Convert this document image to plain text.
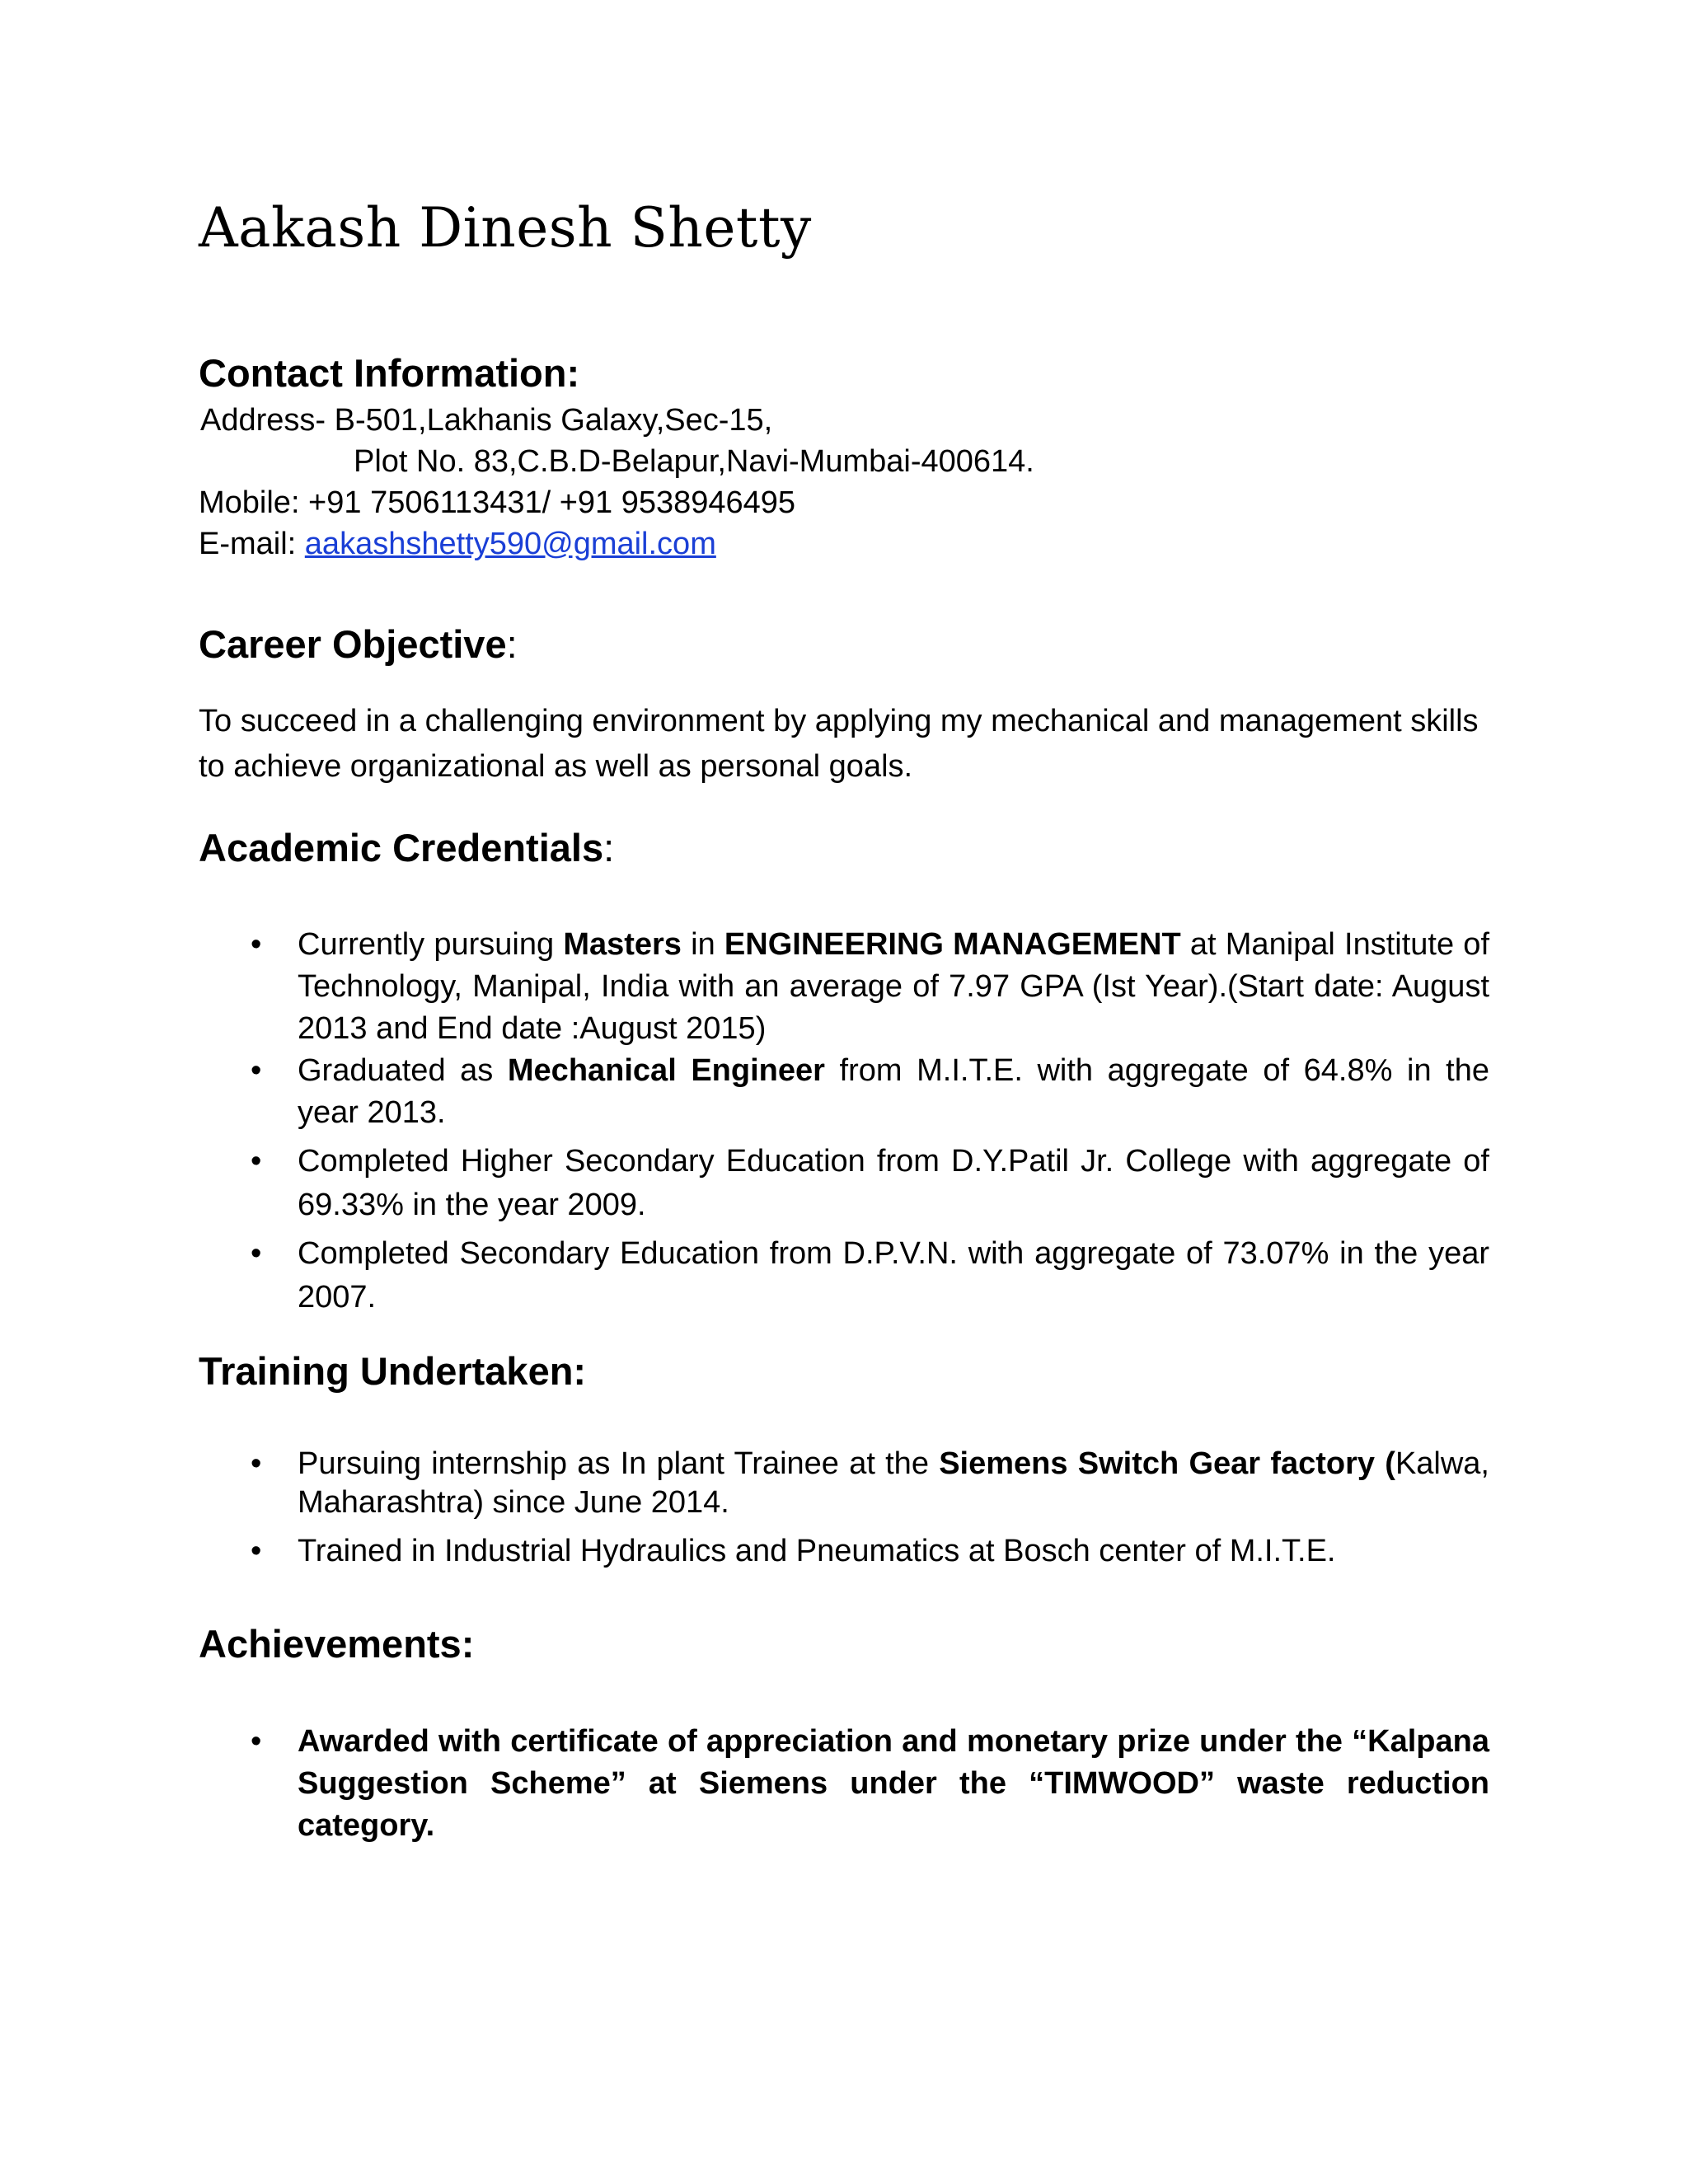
Aakash Dinesh Shetty
Contact Information:
Address- B-501,Lakhanis Galaxy,Sec-15,
Plot No. 83,C.B.D-Belapur,Navi-Mumbai-400614.
Mobile: +91 7506113431/ +91 9538946495
E-mail: aakashshetty590@gmail.com
Career Objective:
To succeed in a challenging environment by applying my mechanical and management skills to achieve organizational as well as personal goals.
Academic Credentials:
• Currently pursuing Masters in ENGINEERING MANAGEMENT at Manipal Institute of Technology, Manipal, India with an average of 7.97 GPA (Ist Year).(Start date: August 2013 and End date :August 2015)
• Graduated as Mechanical Engineer from M.I.T.E. with aggregate of 64.8% in the year 2013.
• Completed Higher Secondary Education from D.Y.Patil Jr. College with aggregate of 69.33% in the year 2009.
• Completed Secondary Education from D.P.V.N. with aggregate of 73.07% in the year 2007.
Training Undertaken:
• Pursuing internship as In plant Trainee at the Siemens Switch Gear factory (Kalwa, Maharashtra) since June 2014.
• Trained in Industrial Hydraulics and Pneumatics at Bosch center of M.I.T.E.
Achievements:
• Awarded with certificate of appreciation and monetary prize under the “Kalpana Suggestion Scheme” at Siemens under the “TIMWOOD” waste reduction category.
